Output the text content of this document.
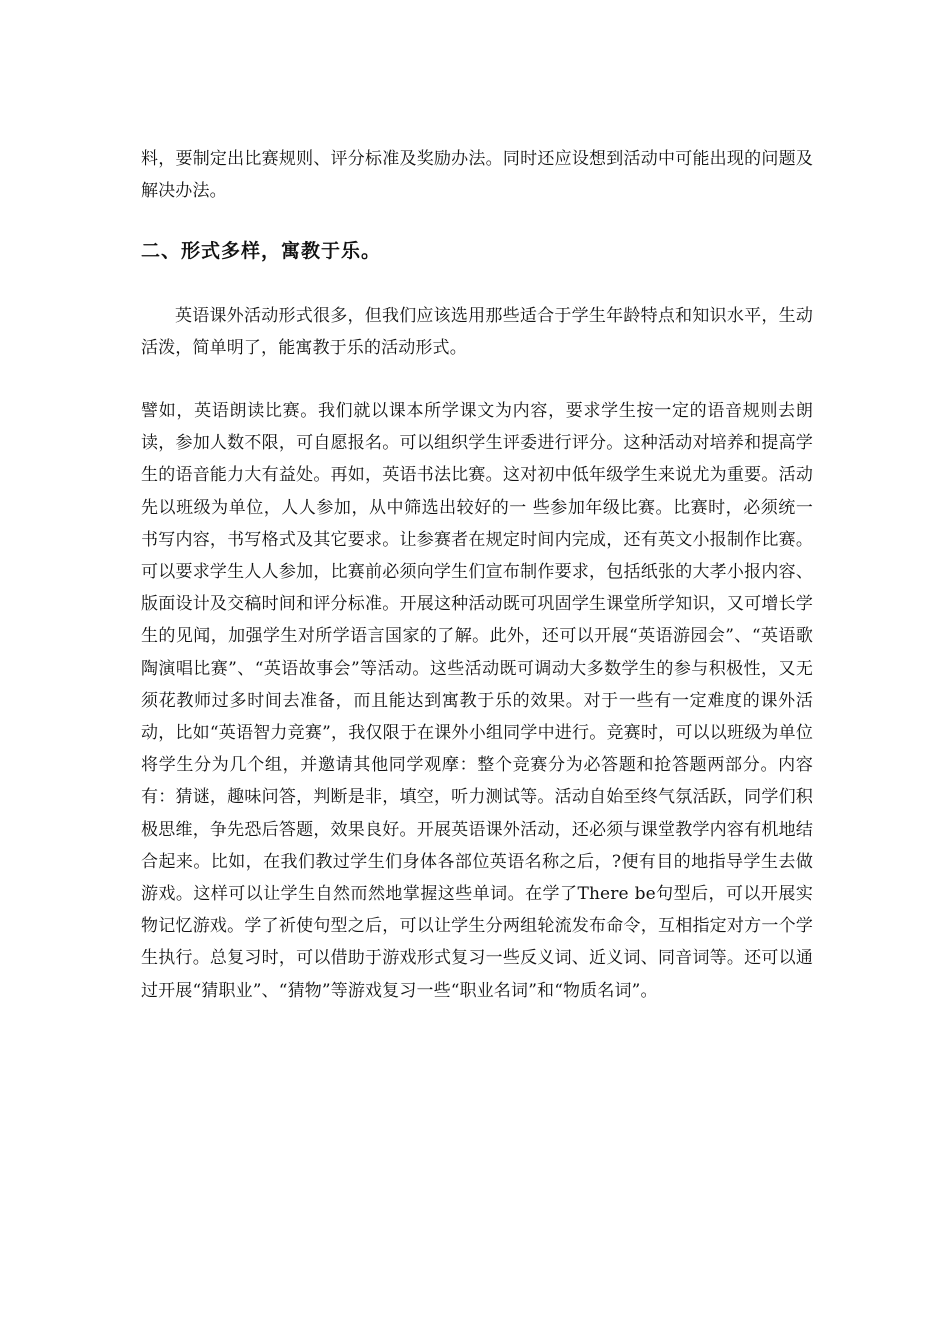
料，要制定出比赛规则、评分标准及奖励办法。同时还应设想到活动中可能出现的问题及解决办法。

二、形式多样，寓教于乐。

英语课外活动形式很多，但我们应该选用那些适合于学生年龄特点和知识水平，生动活泼，简单明了，能寓教于乐的活动形式。

譬如，英语朗读比赛。我们就以课本所学课文为内容，要求学生按一定的语音规则去朗读，参加人数不限，可自愿报名。可以组织学生评委进行评分。这种活动对培养和提高学生的语音能力大有益处。再如，英语书法比赛。这对初中低年级学生来说尤为重要。活动先以班级为单位，人人参加，从中筛选出较好的一 些参加年级比赛。比赛时，必须统一书写内容，书写格式及其它要求。让参赛者在规定时间内完成，还有英文小报制作比赛。可以要求学生人人参加，比赛前必须向学生们宣布制作要求，包括纸张的大孝小报内容、版面设计及交稿时间和评分标准。开展这种活动既可巩固学生课堂所学知识，又可增长学生的见闻，加强学生对所学语言国家的了解。此外，还可以开展“英语游园会”、“英语歌陶演唱比赛”、“英语故事会”等活动。这些活动既可调动大多数学生的参与积极性，又无须花教师过多时间去准备，而且能达到寓教于乐的效果。对于一些有一定难度的课外活动，比如“英语智力竞赛”，我仅限于在课外小组同学中进行。竞赛时，可以以班级为单位将学生分为几个组，并邀请其他同学观摩：整个竞赛分为必答题和抢答题两部分。内容有：猜谜，趣味问答，判断是非，填空，听力测试等。活动自始至终气氛活跃，同学们积极思维，争先恐后答题，效果良好。开展英语课外活动，还必须与课堂教学内容有机地结合起来。比如，在我们教过学生们身体各部位英语名称之后，?便有目的地指导学生去做游戏。这样可以让学生自然而然地掌握这些单词。在学了There be句型后，可以开展实物记忆游戏。学了祈使句型之后，可以让学生分两组轮流发布命令，互相指定对方一个学生执行。总复习时，可以借助于游戏形式复习一些反义词、近义词、同音词等。还可以通过开展“猜职业”、“猜物”等游戏复习一些“职业名词”和“物质名词”。
